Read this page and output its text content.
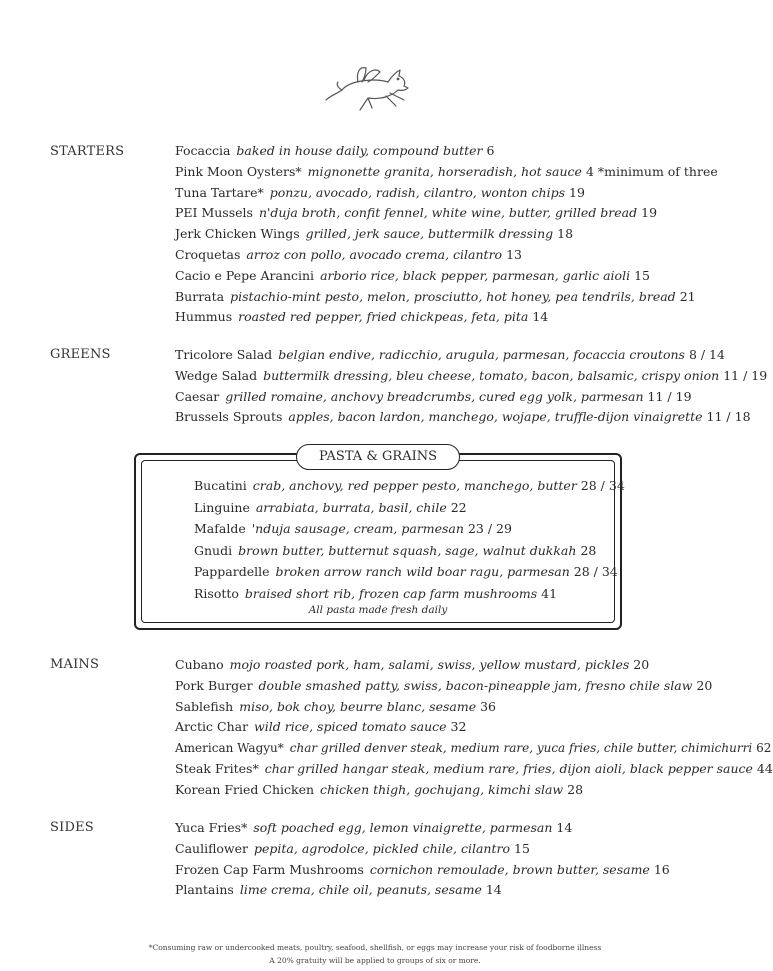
STARTERS	Focaccia baked in house daily, compound butter 6
Pink Moon Oysters* mignonette granita, horseradish, hot sauce 4 *minimum of three
Tuna Tartare* ponzu, avocado, radish, cilantro, wonton chips 19
PEI Mussels n'duja broth, confit fennel, white wine, butter, grilled bread 19
Jerk Chicken Wings grilled, jerk sauce, buttermilk dressing 18
Croquetas arroz con pollo, avocado crema, cilantro 13
Cacio e Pepe Arancini arborio rice, black pepper, parmesan, garlic aioli 15
Burrata pistachio-mint pesto, melon, prosciutto, hot honey, pea tendrils, bread 21
Hummus roasted red pepper, fried chickpeas, feta, pita 14
GREENS	Tricolore Salad belgian endive, radicchio, arugula, parmesan, focaccia croutons 8 / 14
Wedge Salad buttermilk dressing, bleu cheese, tomato, bacon, balsamic, crispy onion 11 / 19
Caesar grilled romaine, anchovy breadcrumbs, cured egg yolk, parmesan 11 / 19
Brussels Sprouts apples, bacon lardon, manchego, wojape, truffle-dijon vinaigrette 11 / 18
PASTA & GRAINS
Bucatini crab, anchovy, red pepper pesto, manchego, butter 28 / 34
Linguine arrabiata, burrata, basil, chile 22
Mafalde 'nduja sausage, cream, parmesan 23 / 29
Gnudi brown butter, butternut squash, sage, walnut dukkah 28
Pappardelle broken arrow ranch wild boar ragu, parmesan 28 / 34
Risotto braised short rib, frozen cap farm mushrooms 41
All pasta made fresh daily
MAINS	Cubano mojo roasted pork, ham, salami, swiss, yellow mustard, pickles 20
Pork Burger double smashed patty, swiss, bacon-pineapple jam, fresno chile slaw 20
Sablefish miso, bok choy, beurre blanc, sesame 36
Arctic Char wild rice, spiced tomato sauce 32
American Wagyu* char grilled denver steak, medium rare, yuca fries, chile butter, chimichurri 62
Steak Frites* char grilled hangar steak, medium rare, fries, dijon aioli, black pepper sauce 44
Korean Fried Chicken chicken thigh, gochujang, kimchi slaw 28
SIDES	Yuca Fries* soft poached egg, lemon vinaigrette, parmesan 14
Cauliflower pepita, agrodolce, pickled chile, cilantro 15
Frozen Cap Farm Mushrooms cornichon remoulade, brown butter, sesame 16
Plantains lime crema, chile oil, peanuts, sesame 14
*Consuming raw or undercooked meats, poultry, seafood, shellfish, or eggs may increase your risk of foodborne illness
A 20% gratuity will be applied to groups of six or more.
